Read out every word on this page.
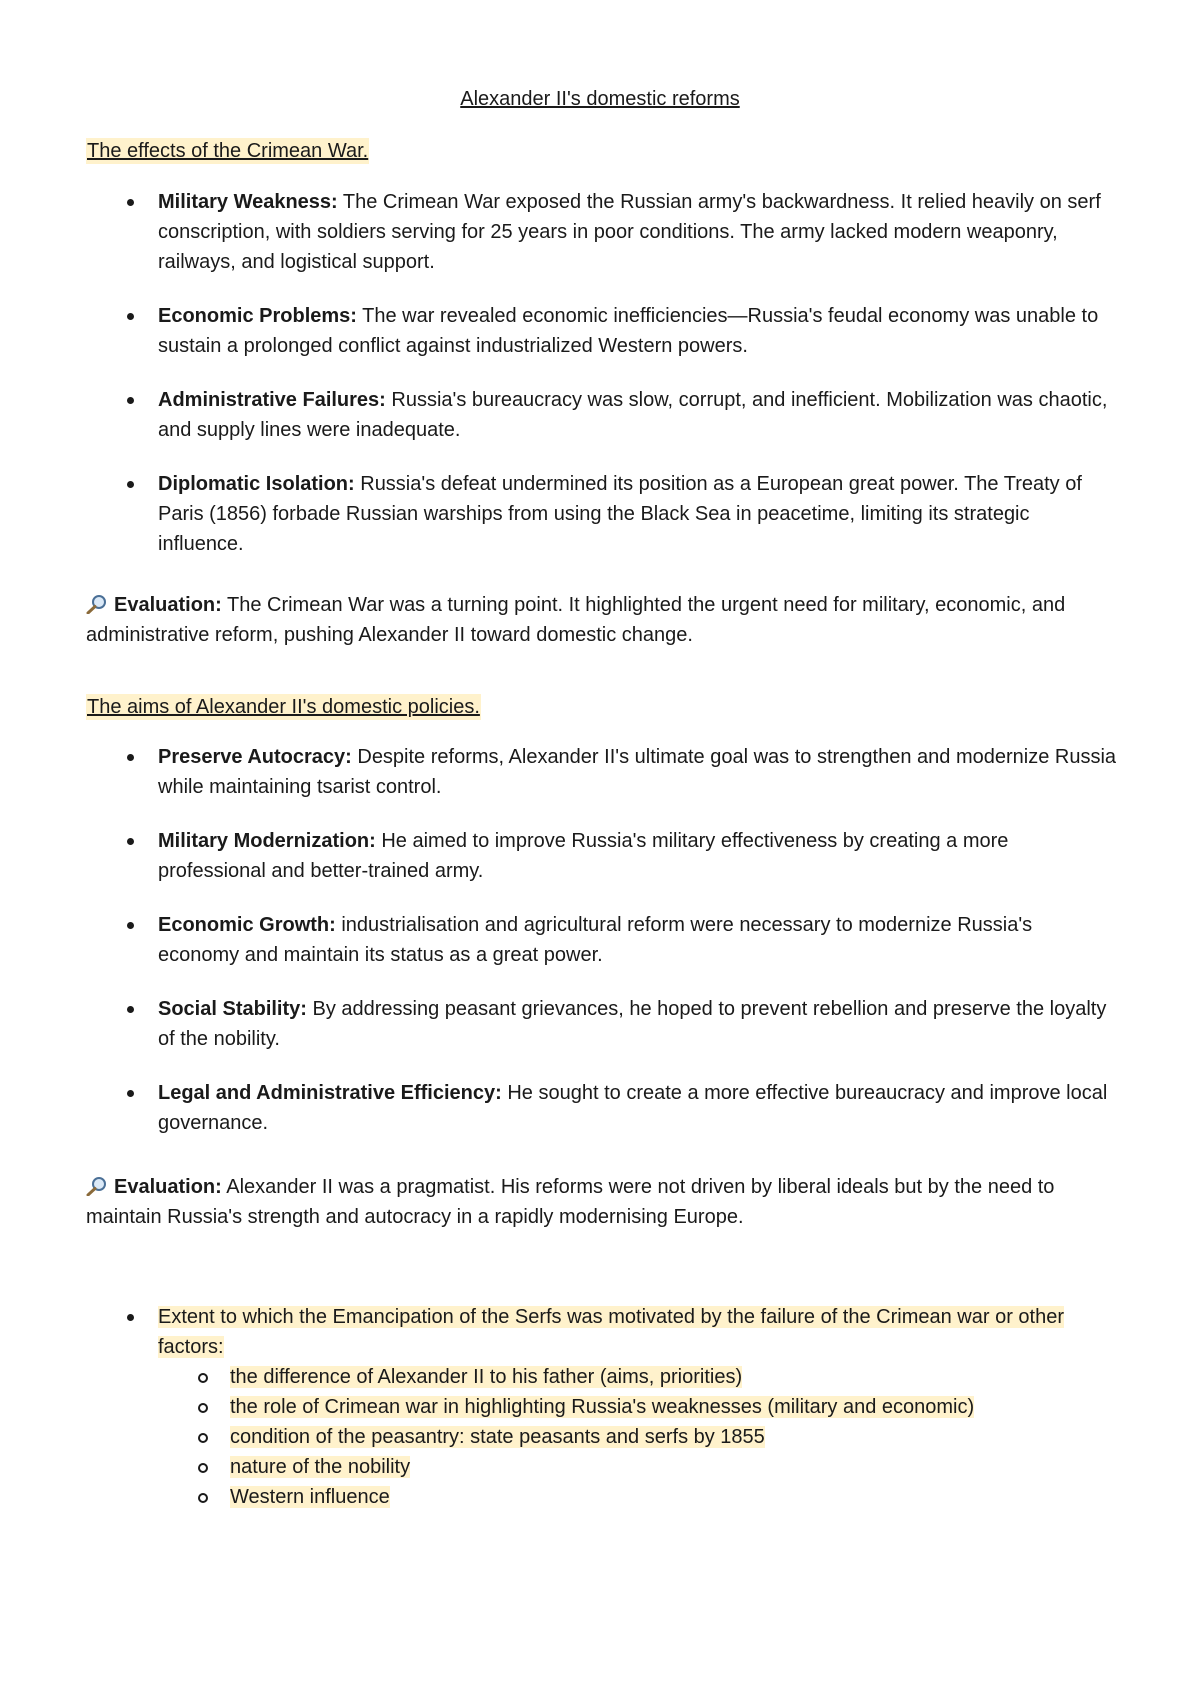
Alexander II's domestic reforms
The effects of the Crimean War.
Military Weakness: The Crimean War exposed the Russian army's backwardness. It relied heavily on serf conscription, with soldiers serving for 25 years in poor conditions. The army lacked modern weaponry, railways, and logistical support.
Economic Problems: The war revealed economic inefficiencies—Russia's feudal economy was unable to sustain a prolonged conflict against industrialized Western powers.
Administrative Failures: Russia's bureaucracy was slow, corrupt, and inefficient. Mobilization was chaotic, and supply lines were inadequate.
Diplomatic Isolation: Russia's defeat undermined its position as a European great power. The Treaty of Paris (1856) forbade Russian warships from using the Black Sea in peacetime, limiting its strategic influence.
Evaluation: The Crimean War was a turning point. It highlighted the urgent need for military, economic, and administrative reform, pushing Alexander II toward domestic change.
The aims of Alexander II's domestic policies.
Preserve Autocracy: Despite reforms, Alexander II's ultimate goal was to strengthen and modernize Russia while maintaining tsarist control.
Military Modernization: He aimed to improve Russia's military effectiveness by creating a more professional and better-trained army.
Economic Growth: industrialisation and agricultural reform were necessary to modernize Russia's economy and maintain its status as a great power.
Social Stability: By addressing peasant grievances, he hoped to prevent rebellion and preserve the loyalty of the nobility.
Legal and Administrative Efficiency: He sought to create a more effective bureaucracy and improve local governance.
Evaluation: Alexander II was a pragmatist. His reforms were not driven by liberal ideals but by the need to maintain Russia's strength and autocracy in a rapidly modernising Europe.
Extent to which the Emancipation of the Serfs was motivated by the failure of the Crimean war or other factors:
the difference of Alexander II to his father (aims, priorities)
the role of Crimean war in highlighting Russia's weaknesses (military and economic)
condition of the peasantry: state peasants and serfs by 1855
nature of the nobility
Western influence
